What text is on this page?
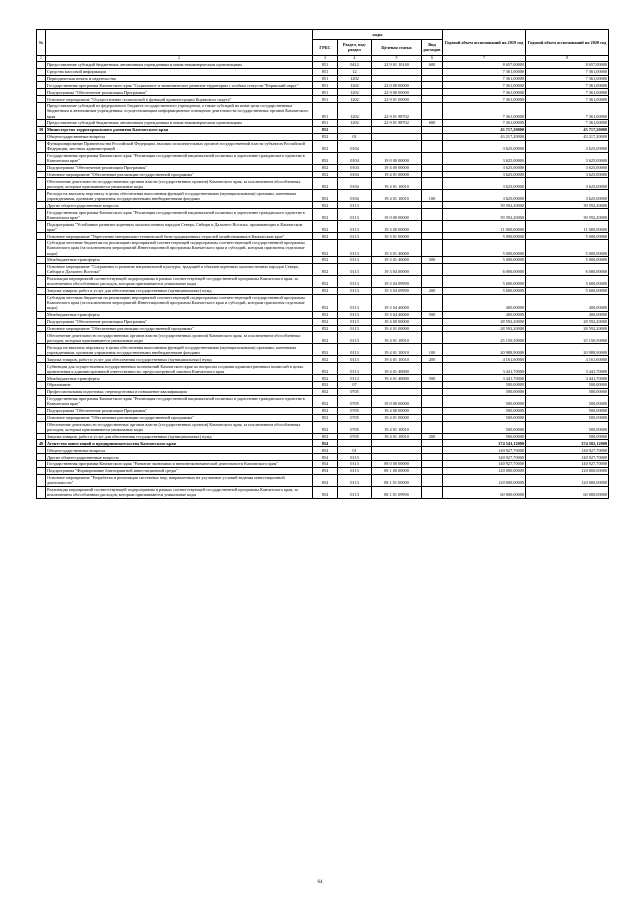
№		коды				Годовой объем ассигнований на 2019 год	Годовой объем ассигнований на 2020 год
		ГРБС	Раздел, под-раздел	Целевая статья	Вид расходов		
1	2	3	4	5	6	7	8
	Предоставление субсидий бюджетным, автономным учреждениям и иным некоммерческим организациям	851	0412	22 9 01 10140	600	8 657,00000	8 657,00000
	Средства массовой информации	851	12			7 361,00000	7 361,00000
	Периодическая печать и издательства	851	1202			7 361,00000	7 361,00000
	Государственная программа Камчатского края "Социальное и экономическое развитие территории с особым статусом "Корякский округ"	851	1202	22 0 00 00000		7 361,00000	7 361,00000
	Подпрограмма "Обеспечение реализации Программы"	851	1202	22 9 00 00000		7 361,00000	7 361,00000
	Основное мероприятие "Осуществление полномочий в функций администрации Корякского округа"	851	1202	22 9 01 00000		7 361,00000	7 361,00000
	Предоставление субсидий из федерального бюджета государственного учреждения, а также субсидий на иные цели государственным бюджетным и автономным учреждениям, осуществляющим информационное освещение деятельности государственных органов Камчатского края	851	1202	22 9 01 98702		7 361,00000	7 361,00000
	Предоставление субсидий бюджетным, автономным учреждениям и иным некоммерческим организациям	851	1202	22 9 01 98702	600	7 361,00000	7 361,00000
39	Министерство территориального развития Камчатского края	852				43 717,20000	43 717,20000
	Общегосударственные вопросы	852	01			43 217,20000	43 217,20000
	Функционирование Правительства Российской Федерации, высших исполнительных органов государственной власти субъектов Российской Федерации, местных администраций	852	0104			3 625,00000	3 625,00000
	Государственная программа Камчатского края "Реализация государственной национальной политики и укрепление гражданского единства в Камчатском крае"	852	0104	19 0 00 00000		3 625,00000	3 625,00000
	Подпрограмма "Обеспечение реализации Программы"	852	0104	19 4 00 00000		3 625,00000	3 625,00000
	Основное мероприятие "Обеспечение реализации государственной программы"	852	0104	19 4 01 00000		3 625,00000	3 625,00000
	Обеспечение деятельности государственных органов власти (государственных органов) Камчатского края, за исключением обособленных расходов, которым присваиваются уникальные коды	852	0104	19 4 01 10010		3 625,00000	3 625,00000
	Расходы на выплаты персоналу в целях обеспечения выполнения функций государственными (муниципальными) органами, казенными учреждениями, органами управления государственными внебюджетными фондами	852	0104	19 4 01 10010	100	3 625,00000	3 625,00000
	Другие общегосударственные вопросы	852	0113			39 592,20000	39 592,20000
	Государственная программа Камчатского края "Реализация государственной национальной политики и укрепление гражданского единства в Камчатском крае"	852	0113	19 0 00 00000		39 592,20000	39 592,20000
	Подпрограмма "Устойчивое развитие коренных малочисленных народов Севера, Сибири и Дальнего Востока, проживающих в Камчатском крае"	852	0113	19 3 00 00000		11 000,00000	11 000,00000
	Основное мероприятие "Укрепление материально-технической базы традиционных отраслей хозяйствования в Камчатском крае"	852	0113	19 3 01 00000		5 000,00000	5 000,00000
	Субсидии местным бюджетам на реализацию мероприятий соответствующей подпрограммы соответствующей государственной программы Камчатского края (за исключением мероприятий Инвестиционной программы Камчатского края и субсидий, которым присвоены отдельные коды)	852	0113	19 3 01 40060		5 000,00000	5 000,00000
	Межбюджетные трансферты	852	0113	19 3 01 40060	500	5 000,00000	5 000,00000
	Основное мероприятие "Сохранение и развитие национальной культуры, традиций и обычаев коренных малочисленных народов Севера, Сибири и Дальнего Востока"	852	0113	19 3 04 00000		6 000,00000	6 000,00000
	Реализация мероприятий соответствующей подпрограммы в рамках соответствующей государственной программы Камчатского края, за исключением обособленных расходов, которым присваиваются уникальные коды	852	0113	19 3 04 09990		5 600,00000	5 600,00000
	Закупка товаров, работ и услуг для обеспечения государственных (муниципальных) нужд	852	0113	19 3 04 09990	200	5 600,00000	5 600,00000
	Субсидии местным бюджетам на реализацию мероприятий соответствующей подпрограммы соответствующей государственной программы Камчатского края (за исключением мероприятий Инвестиционной программы Камчатского края и субсидий, которым присвоены отдельные коды)	852	0113	19 3 04 40060		400,00000	400,00000
	Межбюджетные трансферты	852	0113	19 3 04 40060	500	400,00000	400,00000
	Подпрограмма "Обеспечение реализации Программы"	852	0113	19 4 00 00000		28 592,20000	28 592,20000
	Основное мероприятие "Обеспечение реализации государственной программы"	852	0113	19 4 01 00000		28 592,20000	28 592,20000
	Обеспечение деятельности государственных органов власти (государственных органов) Камчатского края, за исключением обособленных расходов, которым присваиваются уникальные коды	852	0113	19 4 01 10010		25 150,50000	25 150,50000
	Расходы на выплаты персоналу в целях обеспечения выполнения функций государственными (муниципальными) органами, казенными учреждениями, органами управления государственными внебюджетными фондами	852	0113	19 4 01 10010	100	20 988,90000	20 988,90000
	Закупка товаров, работ и услуг для обеспечения государственных (муниципальных) нужд	852	0113	19 4 01 10010	200	4 161,60000	4 161,60000
	Субвенции для осуществления государственных полномочий Камчатского края по вопросам создания административных комиссий в целях привлечения к административной ответственности, предусмотренной законом Камчатского края	852	0113	19 4 01 40080		3 441,70000	3 441,70000
	Межбюджетные трансферты	852	0113	19 4 01 40080	500	3 441,70000	3 441,70000
	Образование	852	07			500,00000	500,00000
	Профессиональная подготовка, переподготовка и повышение квалификации	852	0705			500,00000	500,00000
	Государственная программа Камчатского края "Реализация государственной национальной политики и укрепление гражданского единства в Камчатском крае"	852	0705	19 0 00 00000		500,00000	500,00000
	Подпрограмма "Обеспечение реализации Программы"	852	0705	19 4 00 00000		500,00000	500,00000
	Основное мероприятие "Обеспечение реализации государственной программы"	852	0705	19 4 01 00000		500,00000	500,00000
	Обеспечение деятельности государственных органов власти (государственных органов) Камчатского края, за исключением обособленных расходов, которым присваиваются уникальные коды	852	0705	19 4 01 10010		500,00000	500,00000
	Закупка товаров, работ и услуг для обеспечения государственных (муниципальных) нужд	852	0705	19 4 01 10010	200	500,00000	500,00000
40	Агентство инвестиций и предпринимательства Камчатского края	854				374 543,12000	374 582,12000
	Общегосударственные вопросы	854	01			140 927,70000	140 927,70000
	Другие общегосударственные вопросы	854	0113			140 927,70000	140 927,70000
	Государственная программа Камчатского края "Развитие экономики и внешнеэкономической деятельности Камчатского края"	854	0113	08 0 00 00000		140 927,70000	140 927,70000
	Подпрограмма "Формирование благоприятной инвестиционной среды"	854	0113	08 1 00 00000		120 000,00000	120 000,00000
	Основное мероприятие "Разработка и реализация системных мер, направленных на улучшение условий ведения инвестиционной деятельности"	854	0113	08 1 01 00000		120 000,00000	120 000,00000
	Реализация мероприятий соответствующей подпрограммы в рамках соответствующей государственной программы Камчатского края, за исключением обособленных расходов, которым присваиваются уникальные коды	854	0113	08 1 01 09990		60 000,00000	60 000,00000
64
